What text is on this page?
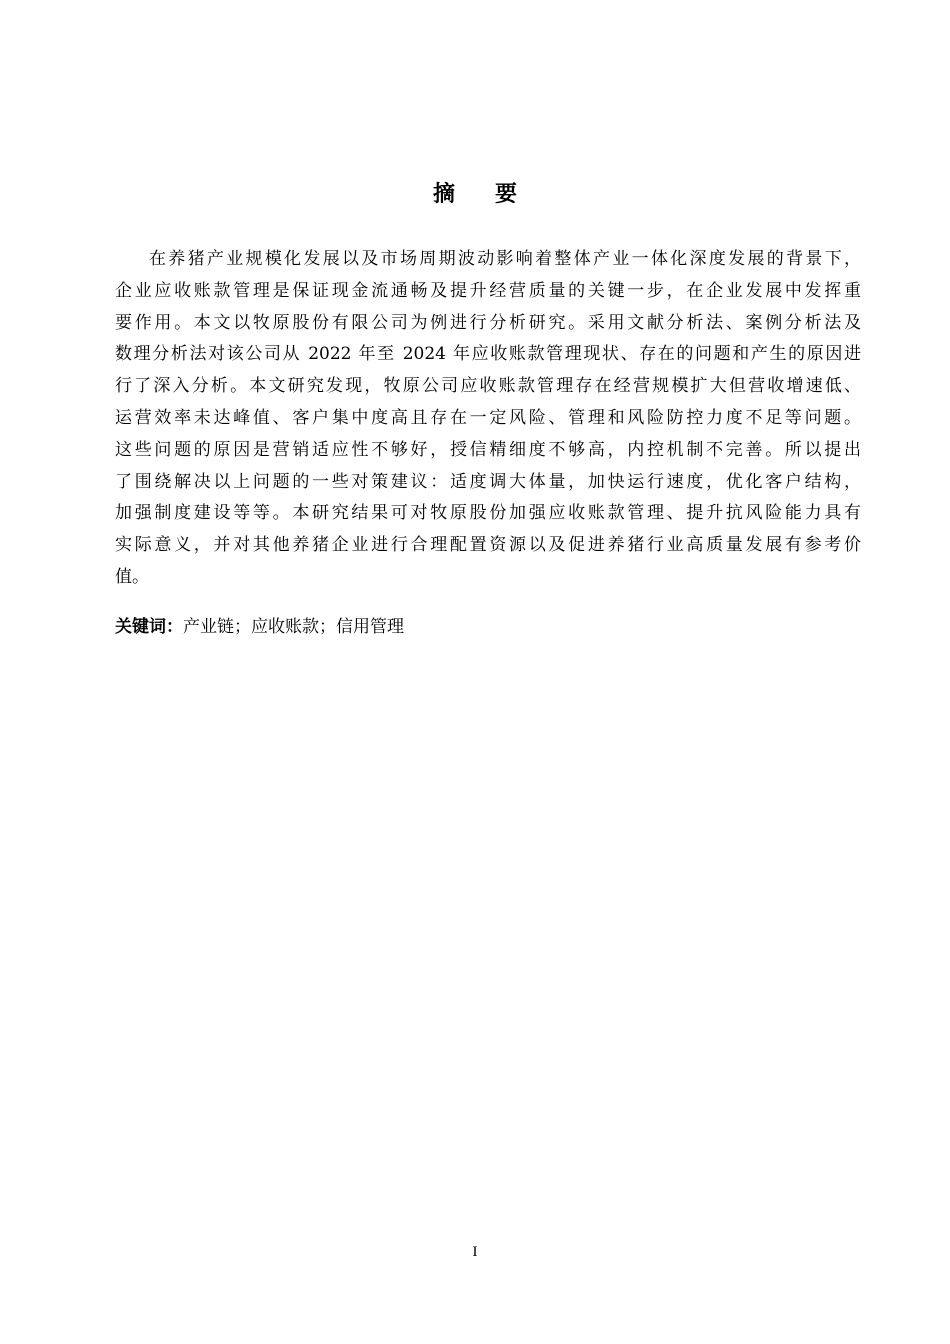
摘 要
在养猪产业规模化发展以及市场周期波动影响着整体产业一体化深度发展的背景下，
企业应收账款管理是保证现金流通畅及提升经营质量的关键一步，在企业发展中发挥重
要作用。本文以牧原股份有限公司为例进行分析研究。采用文献分析法、案例分析法及
数理分析法对该公司从 2022 年至 2024 年应收账款管理现状、存在的问题和产生的原因进
行了深入分析。本文研究发现，牧原公司应收账款管理存在经营规模扩大但营收增速低、
运营效率未达峰值、客户集中度高且存在一定风险、管理和风险防控力度不足等问题。
这些问题的原因是营销适应性不够好，授信精细度不够高，内控机制不完善。所以提出
了围绕解决以上问题的一些对策建议：适度调大体量，加快运行速度，优化客户结构，
加强制度建设等等。本研究结果可对牧原股份加强应收账款管理、提升抗风险能力具有
实际意义，并对其他养猪企业进行合理配置资源以及促进养猪行业高质量发展有参考价
值。
关键词：产业链；应收账款；信用管理
I
